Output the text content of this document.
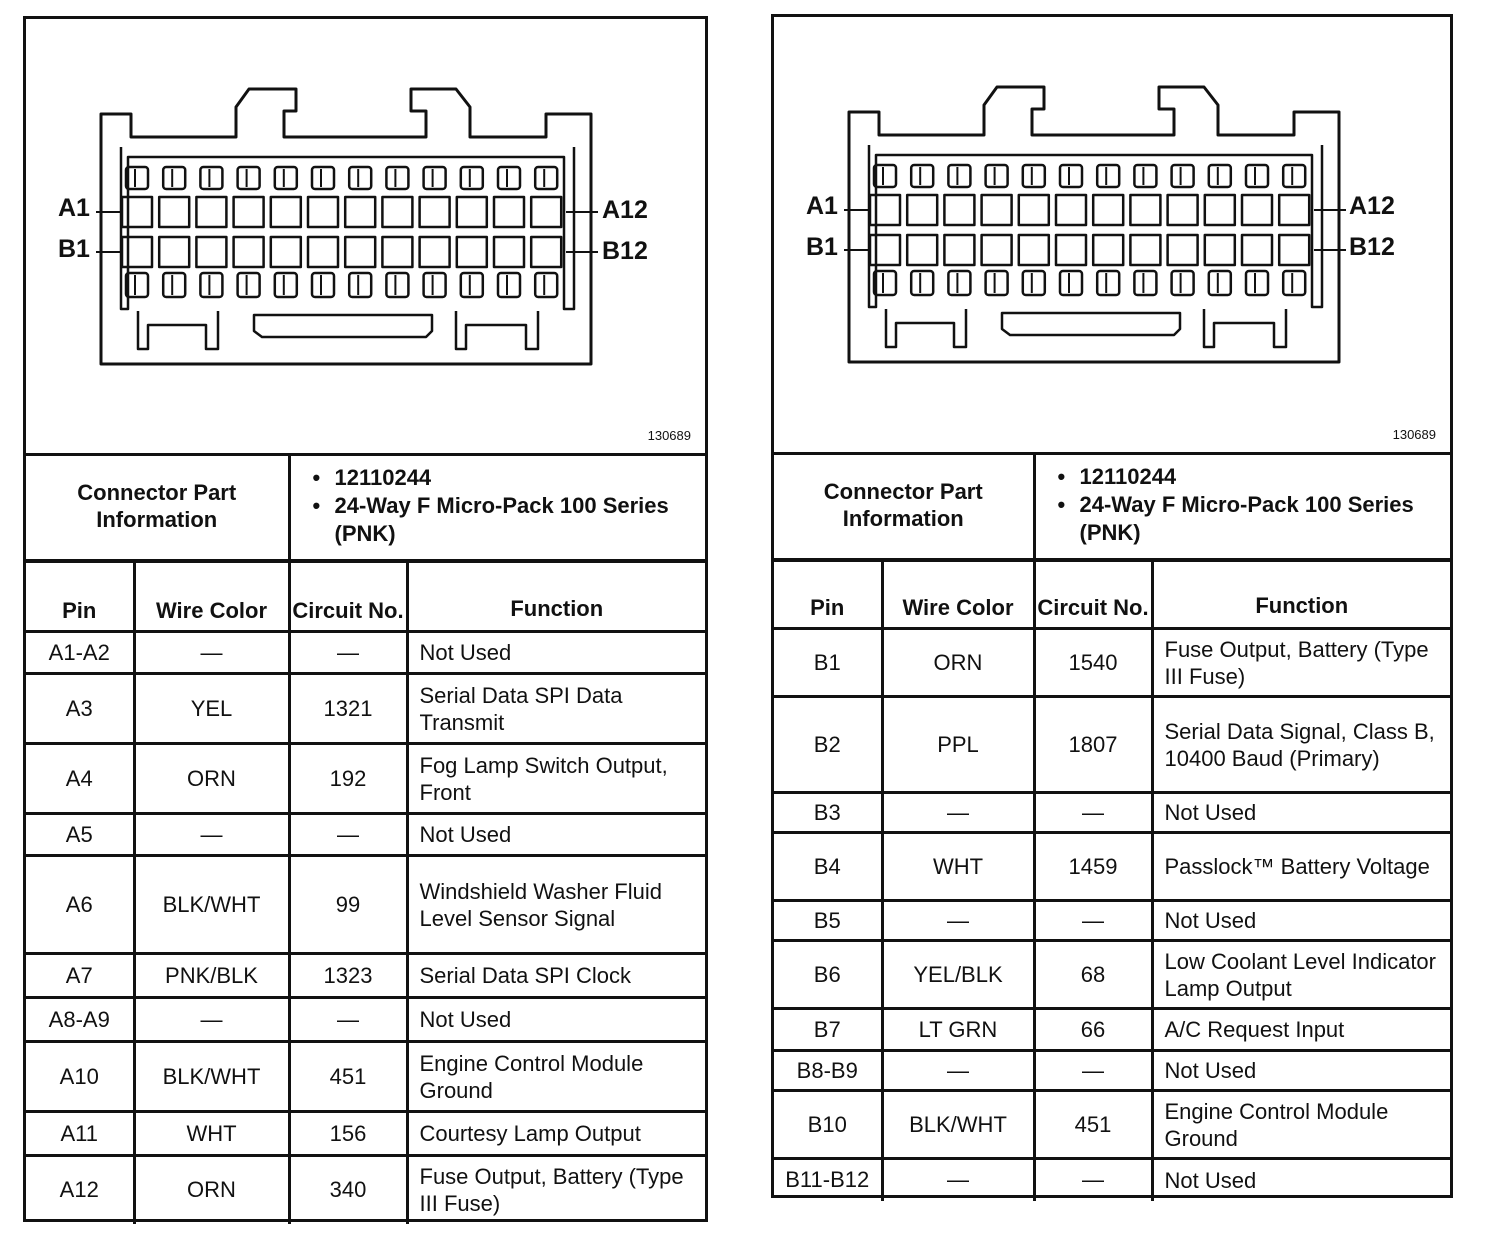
A1
B1
A12
B12
130689
Connector Part Information	
• 12110244
• 24-Way F Micro-Pack 100 Series (PNK)
Pin	Wire Color	Circuit No.	Function
A1-A2	—	—	Not Used
A3	YEL	1321	Serial Data SPI Data Transmit
A4	ORN	192	Fog Lamp Switch Output, Front
A5	—	—	Not Used
A6	BLK/WHT	99	Windshield Washer Fluid Level Sensor Signal
A7	PNK/BLK	1323	Serial Data SPI Clock
A8-A9	—	—	Not Used
A10	BLK/WHT	451	Engine Control Module Ground
A11	WHT	156	Courtesy Lamp Output
A12	ORN	340	Fuse Output, Battery (Type III Fuse)
A1
B1
A12
B12
130689
Connector Part Information	
• 12110244
• 24-Way F Micro-Pack 100 Series (PNK)
Pin	Wire Color	Circuit No.	Function
B1	ORN	1540	Fuse Output, Battery (Type III Fuse)
B2	PPL	1807	Serial Data Signal, Class B, 10400 Baud (Primary)
B3	—	—	Not Used
B4	WHT	1459	Passlock™ Battery Voltage
B5	—	—	Not Used
B6	YEL/BLK	68	Low Coolant Level Indicator Lamp Output
B7	LT GRN	66	A/C Request Input
B8-B9	—	—	Not Used
B10	BLK/WHT	451	Engine Control Module Ground
B11-B12	—	—	Not Used
